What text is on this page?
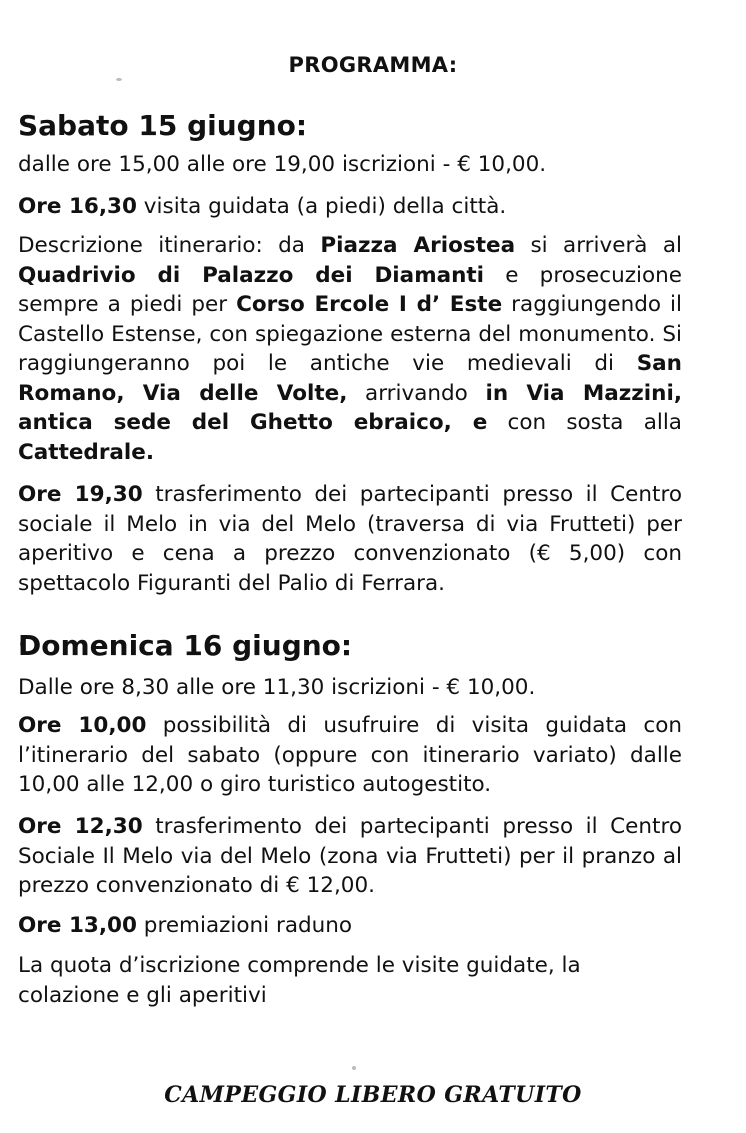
PROGRAMMA:
Sabato 15 giugno:

dalle ore 15,00 alle ore 19,00 iscrizioni - € 10,00.

Ore 16,30 visita guidata (a piedi) della città.

Descrizione itinerario: da Piazza Ariostea si arriverà al Quadrivio di Palazzo dei Diamanti e prosecuzione sempre a piedi per Corso Ercole I d’ Este raggiungendo il Castello Estense, con spiegazione esterna del monumento. Si raggiungeranno poi le antiche vie medievali di San Romano, Via delle Volte, arrivando in Via Mazzini, antica sede del Ghetto ebraico, e con sosta alla Cattedrale.

Ore 19,30 trasferimento dei partecipanti presso il Centro sociale il Melo in via del Melo (traversa di via Frutteti) per aperitivo e cena a prezzo convenzionato (€ 5,00) con spettacolo Figuranti del Palio di Ferrara.

Domenica 16 giugno:

Dalle ore 8,30 alle ore 11,30 iscrizioni - € 10,00.

Ore 10,00 possibilità di usufruire di visita guidata con l’itinerario del sabato (oppure con itinerario variato) dalle 10,00 alle 12,00 o giro turistico autogestito.

Ore 12,30 trasferimento dei partecipanti presso il Centro Sociale Il Melo via del Melo (zona via Frutteti) per il pranzo al prezzo convenzionato di € 12,00.

Ore 13,00 premiazioni raduno

La quota d’iscrizione comprende le visite guidate, la colazione e gli aperitivi

CAMPEGGIO LIBERO GRATUITO
